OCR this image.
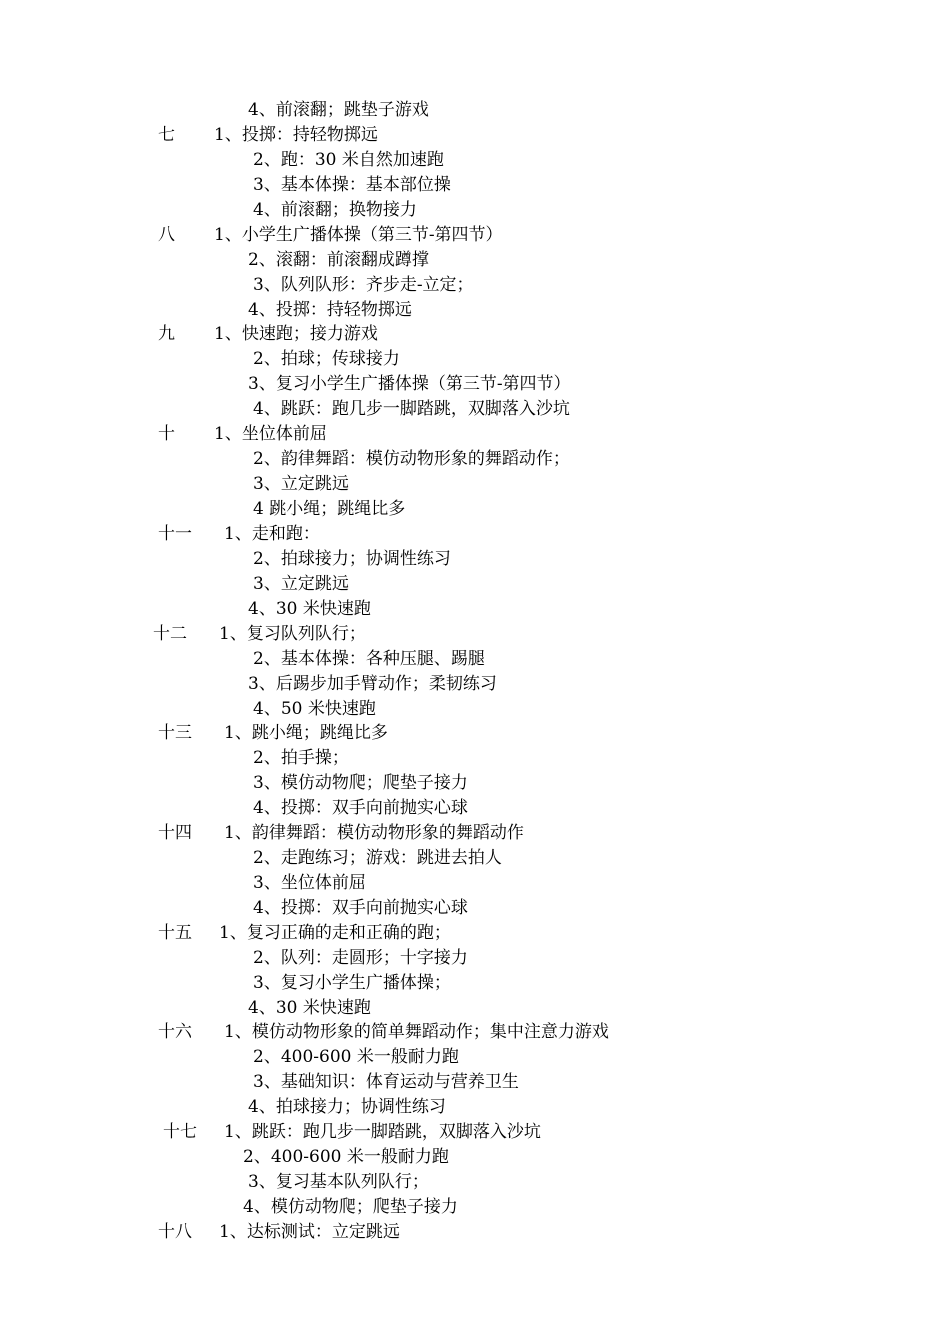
4、前滚翻；跳垫子游戏
七 1、投掷：持轻物掷远
2、跑：30 米自然加速跑
3、基本体操：基本部位操
4、前滚翻；换物接力
八 1、小学生广播体操（第三节-第四节）
2、滚翻：前滚翻成蹲撑
3、队列队形：齐步走-立定；
4、投掷：持轻物掷远
九 1、快速跑；接力游戏
2、拍球；传球接力
3、复习小学生广播体操（第三节-第四节）
4、跳跃：跑几步一脚踏跳，双脚落入沙坑
十 1、坐位体前屈
2、韵律舞蹈：模仿动物形象的舞蹈动作；
3、立定跳远
4 跳小绳；跳绳比多
十一 1、走和跑：
2、拍球接力；协调性练习
3、立定跳远
4、30 米快速跑
十二 1、复习队列队行；
2、基本体操：各种压腿、踢腿
3、后踢步加手臂动作；柔韧练习
4、50 米快速跑
十三 1、跳小绳；跳绳比多
2、拍手操；
3、模仿动物爬；爬垫子接力
4、投掷：双手向前抛实心球
十四 1、韵律舞蹈：模仿动物形象的舞蹈动作
2、走跑练习；游戏：跳进去拍人
3、坐位体前屈
4、投掷：双手向前抛实心球
十五 1、复习正确的走和正确的跑；
2、队列：走圆形；十字接力
3、复习小学生广播体操；
4、30 米快速跑
十六 1、模仿动物形象的简单舞蹈动作；集中注意力游戏
2、400-600 米一般耐力跑
3、基础知识：体育运动与营养卫生
4、拍球接力；协调性练习
十七 1、跳跃：跑几步一脚踏跳，双脚落入沙坑
2、400-600 米一般耐力跑
3、复习基本队列队行；
4、模仿动物爬；爬垫子接力
十八 1、达标测试：立定跳远
